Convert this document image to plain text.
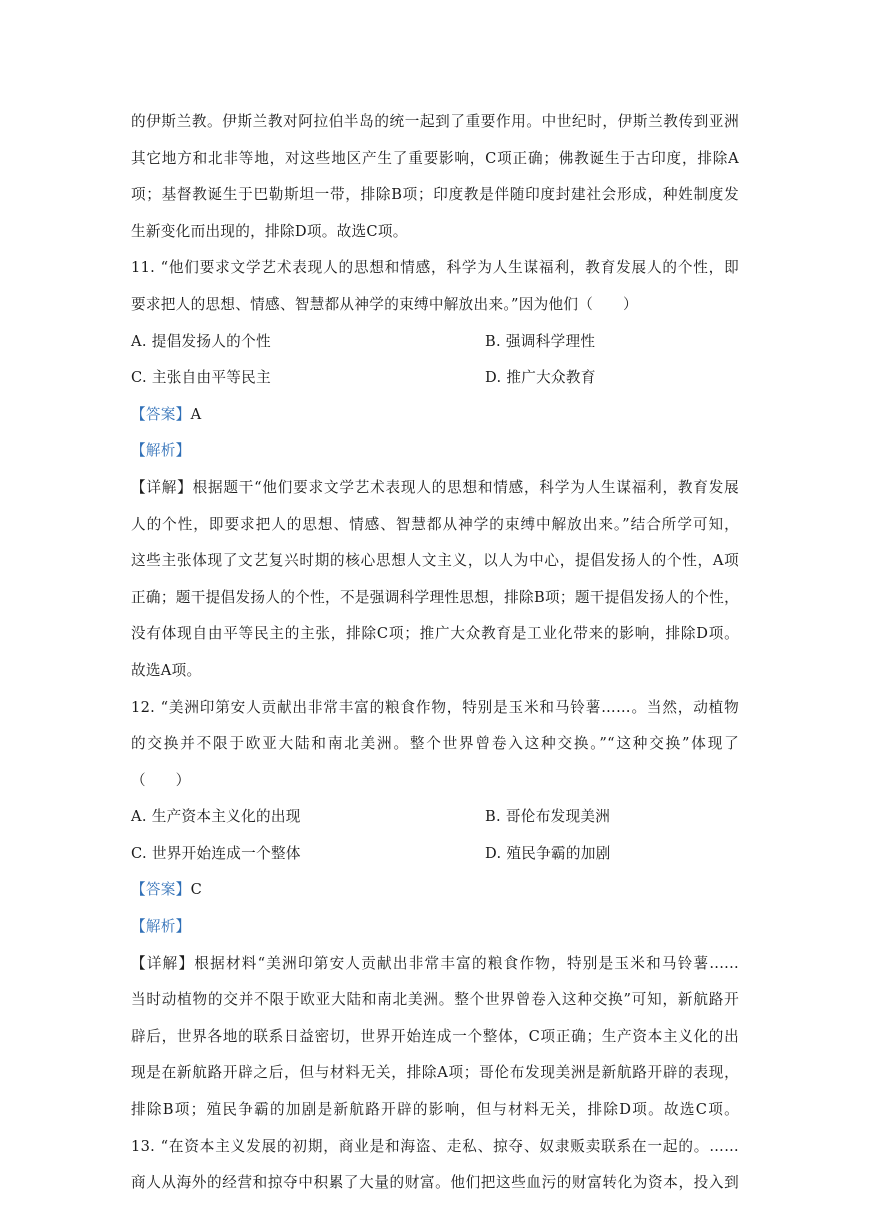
的伊斯兰教。伊斯兰教对阿拉伯半岛的统一起到了重要作用。中世纪时，伊斯兰教传到亚洲
其它地方和北非等地，对这些地区产生了重要影响，C项正确；佛教诞生于古印度，排除A
项；基督教诞生于巴勒斯坦一带，排除B项；印度教是伴随印度封建社会形成，种姓制度发
生新变化而出现的，排除D项。故选C项。
11. “他们要求文学艺术表现人的思想和情感，科学为人生谋福利，教育发展人的个性，即
要求把人的思想、情感、智慧都从神学的束缚中解放出来。”因为他们（　　）
A. 提倡发扬人的个性	B. 强调科学理性
C. 主张自由平等民主	D. 推广大众教育
【答案】A
【解析】
【详解】根据题干“他们要求文学艺术表现人的思想和情感，科学为人生谋福利，教育发展
人的个性，即要求把人的思想、情感、智慧都从神学的束缚中解放出来。”结合所学可知，
这些主张体现了文艺复兴时期的核心思想人文主义，以人为中心，提倡发扬人的个性，A项
正确；题干提倡发扬人的个性，不是强调科学理性思想，排除B项；题干提倡发扬人的个性，
没有体现自由平等民主的主张，排除C项；推广大众教育是工业化带来的影响，排除D项。
故选A项。
12. “美洲印第安人贡献出非常丰富的粮食作物，特别是玉米和马铃薯……。当然，动植物
的交换并不限于欧亚大陆和南北美洲。整个世界曾卷入这种交换。”“这种交换”体现了
（　　）
A. 生产资本主义化的出现	B. 哥伦布发现美洲
C. 世界开始连成一个整体	D. 殖民争霸的加剧
【答案】C
【解析】
【详解】根据材料“美洲印第安人贡献出非常丰富的粮食作物，特别是玉米和马铃薯......
当时动植物的交并不限于欧亚大陆和南北美洲。整个世界曾卷入这种交换”可知，新航路开
辟后，世界各地的联系日益密切，世界开始连成一个整体，C项正确；生产资本主义化的出
现是在新航路开辟之后，但与材料无关，排除A项；哥伦布发现美洲是新航路开辟的表现，
排除B项；殖民争霸的加剧是新航路开辟的影响，但与材料无关，排除D项。故选C项。
13. “在资本主义发展的初期，商业是和海盗、走私、掠夺、奴隶贩卖联系在一起的。……
商人从海外的经营和掠夺中积累了大量的财富。他们把这些血污的财富转化为资本，投入到
